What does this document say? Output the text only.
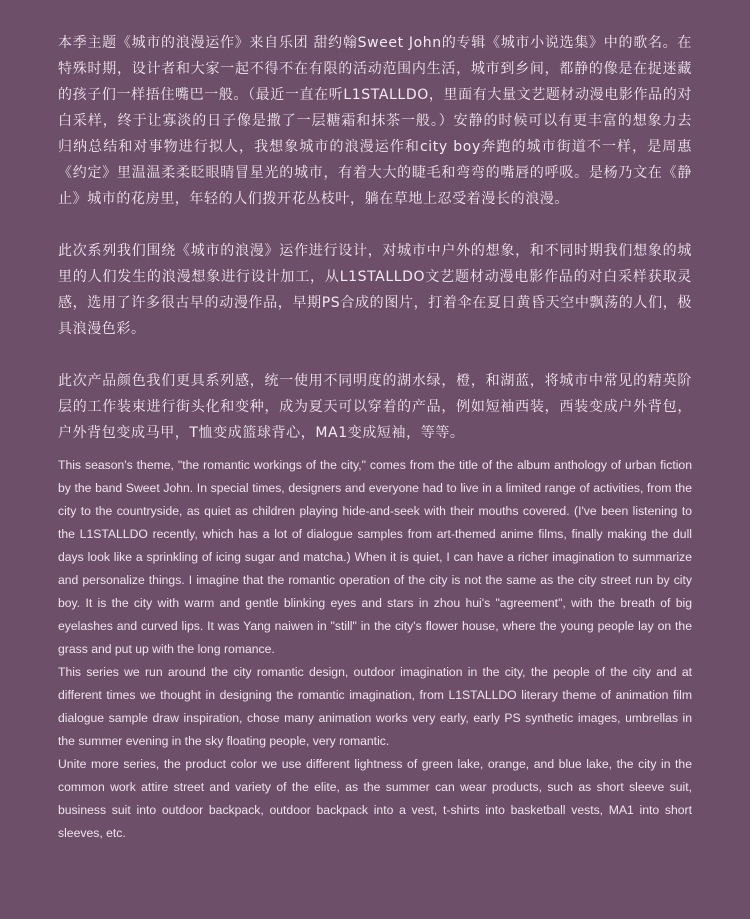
本季主题《城市的浪漫运作》来自乐团 甜约翰Sweet John的专辑《城市小说选集》中的歌名。在特殊时期，设计者和大家一起不得不在有限的活动范围内生活，城市到乡间，都静的像是在捉迷藏的孩子们一样捂住嘴巴一般。（最近一直在听L1STALLDO，里面有大量文艺题材动漫电影作品的对白采样，终于让寡淡的日子像是撒了一层糖霜和抹茶一般。）安静的时候可以有更丰富的想象力去归纳总结和对事物进行拟人，我想象城市的浪漫运作和city boy奔跑的城市街道不一样，是周惠《约定》里温温柔柔眨眼睛冒星光的城市，有着大大的睫毛和弯弯的嘴唇的呼吸。是杨乃文在《静止》城市的花房里，年轻的人们拨开花丛枝叶，躺在草地上忍受着漫长的浪漫。

此次系列我们围绕《城市的浪漫》运作进行设计，对城市中户外的想象，和不同时期我们想象的城里的人们发生的浪漫想象进行设计加工，从L1STALLDO文艺题材动漫电影作品的对白采样获取灵感，选用了许多很古早的动漫作品，早期PS合成的图片，打着伞在夏日黄昏天空中飘荡的人们，极具浪漫色彩。

此次产品颜色我们更具系列感，统一使用不同明度的湖水绿，橙，和湖蓝，将城市中常见的精英阶层的工作装束进行街头化和变种，成为夏天可以穿着的产品，例如短袖西装，西装变成户外背包，户外背包变成马甲，T恤变成篮球背心，MA1变成短袖，等等。

This season's theme, "the romantic workings of the city," comes from the title of the album anthology of urban fiction by the band Sweet John. In special times, designers and everyone had to live in a limited range of activities, from the city to the countryside, as quiet as children playing hide-and-seek with their mouths covered. (I've been listening to the L1STALLDO recently, which has a lot of dialogue samples from art-themed anime films, finally making the dull days look like a sprinkling of icing sugar and matcha.) When it is quiet, I can have a richer imagination to summarize and personalize things. I imagine that the romantic operation of the city is not the same as the city street run by city boy. It is the city with warm and gentle blinking eyes and stars in zhou hui's "agreement", with the breath of big eyelashes and curved lips. It was Yang naiwen in "still" in the city's flower house, where the young people lay on the grass and put up with the long romance.

This series we run around the city romantic design, outdoor imagination in the city, the people of the city and at different times we thought in designing the romantic imagination, from L1STALLDO literary theme of animation film dialogue sample draw inspiration, chose many animation works very early, early PS synthetic images, umbrellas in the summer evening in the sky floating people, very romantic.

Unite more series, the product color we use different lightness of green lake, orange, and blue lake, the city in the common work attire street and variety of the elite, as the summer can wear products, such as short sleeve suit, business suit into outdoor backpack, outdoor backpack into a vest, t-shirts into basketball vests, MA1 into short sleeves, etc.
